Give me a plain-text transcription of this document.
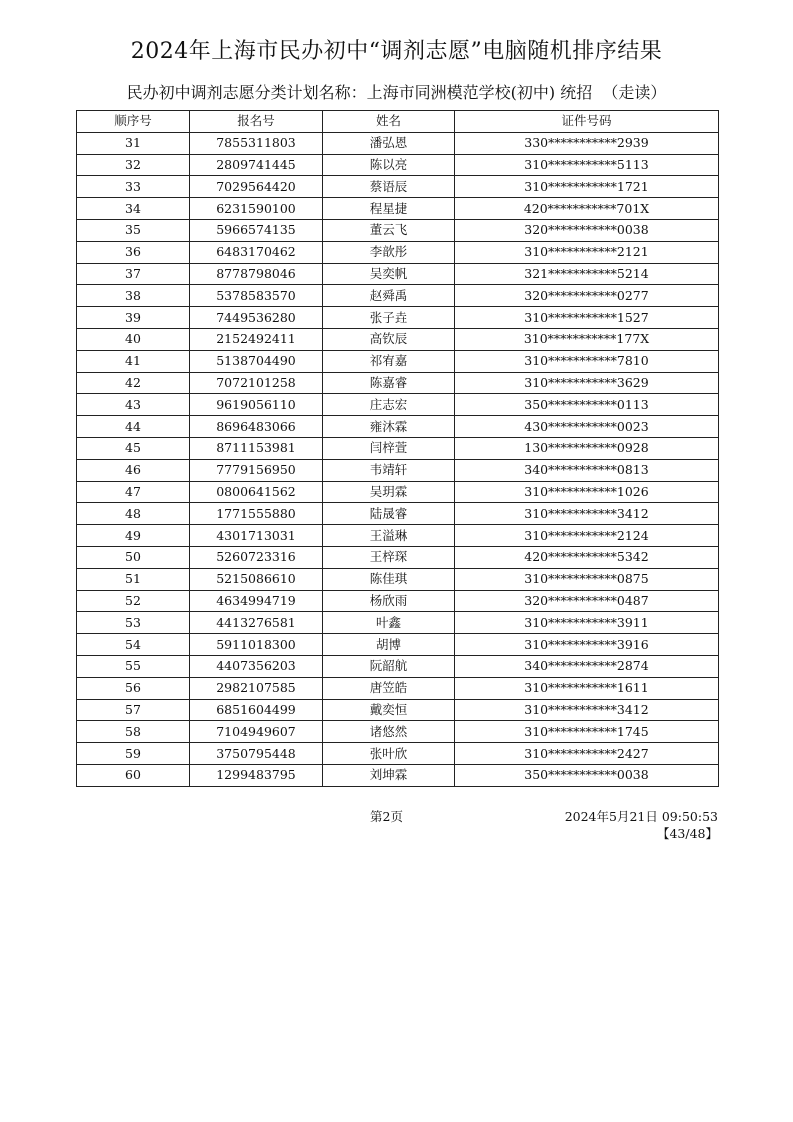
2024年上海市民办初中“调剂志愿”电脑随机排序结果
民办初中调剂志愿分类计划名称：上海市同洲模范学校(初中) 统招 （走读）
顺序号	报名号	姓名	证件号码
31	7855311803	潘弘恩	330***********2939
32	2809741445	陈以亮	310***********5113
33	7029564420	蔡语辰	310***********1721
34	6231590100	程星捷	420***********701X
35	5966574135	董云飞	320***********0038
36	6483170462	李歆彤	310***********2121
37	8778798046	吴奕帆	321***********5214
38	5378583570	赵舜禹	320***********0277
39	7449536280	张子垚	310***********1527
40	2152492411	高钦辰	310***********177X
41	5138704490	祁宥嘉	310***********7810
42	7072101258	陈嘉睿	310***********3629
43	9619056110	庄志宏	350***********0113
44	8696483066	雍沐霖	430***********0023
45	8711153981	闫梓萱	130***********0928
46	7779156950	韦靖轩	340***********0813
47	0800641562	吴玥霖	310***********1026
48	1771555880	陆晟睿	310***********3412
49	4301713031	王溢琳	310***********2124
50	5260723316	王梓琛	420***********5342
51	5215086610	陈佳琪	310***********0875
52	4634994719	杨欣雨	320***********0487
53	4413276581	叶鑫	310***********3911
54	5911018300	胡博	310***********3916
55	4407356203	阮韶航	340***********2874
56	2982107585	唐笠皓	310***********1611
57	6851604499	戴奕恒	310***********3412
58	7104949607	诸悠然	310***********1745
59	3750795448	张叶欣	310***********2427
60	1299483795	刘坤霖	350***********0038
第2页	2024年5月21日 09:50:53
【43/48】
